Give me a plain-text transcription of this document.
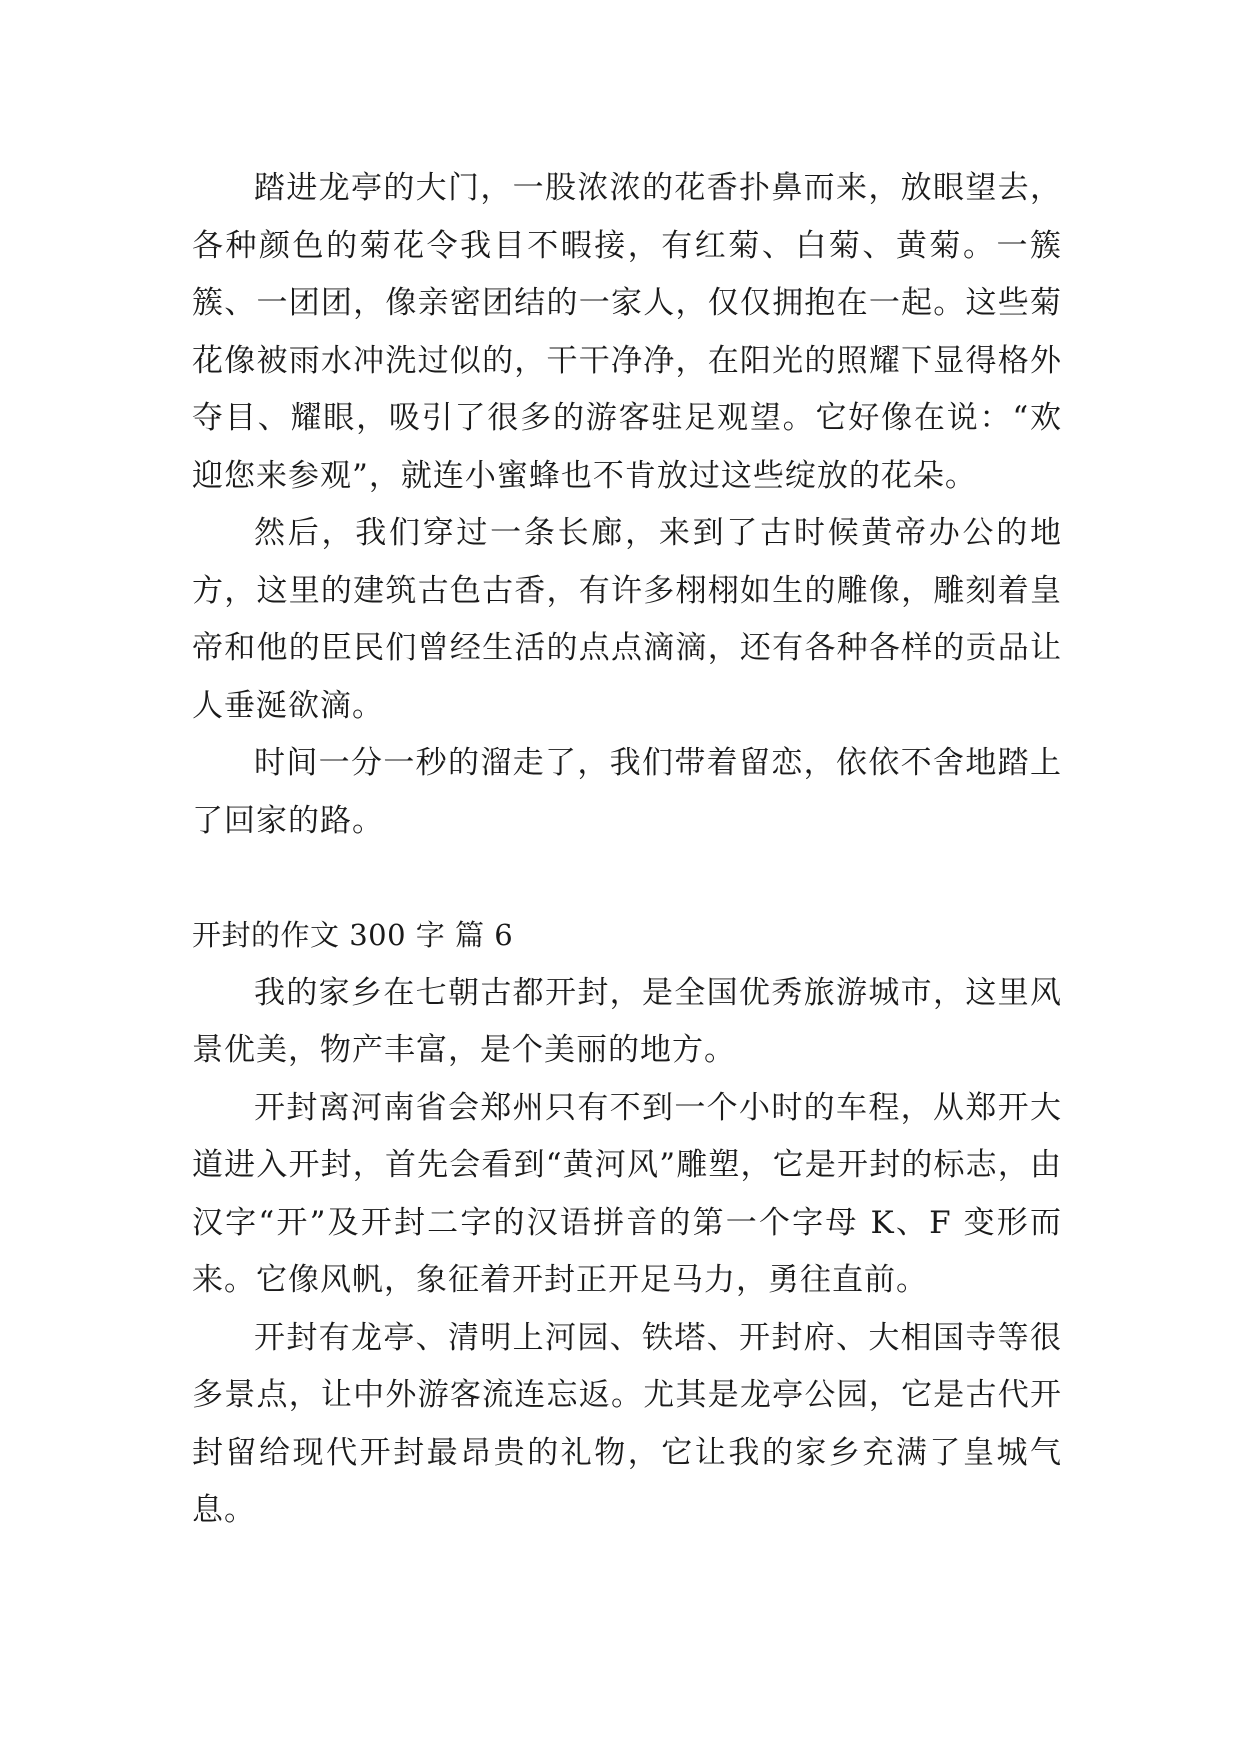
踏进龙亭的大门，一股浓浓的花香扑鼻而来，放眼望去，各种颜色的菊花令我目不暇接，有红菊、白菊、黄菊。一簇簇、一团团，像亲密团结的一家人，仅仅拥抱在一起。这些菊花像被雨水冲洗过似的，干干净净，在阳光的照耀下显得格外夺目、耀眼，吸引了很多的游客驻足观望。它好像在说：“欢迎您来参观”，就连小蜜蜂也不肯放过这些绽放的花朵。

然后，我们穿过一条长廊，来到了古时候黄帝办公的地方，这里的建筑古色古香，有许多栩栩如生的雕像，雕刻着皇帝和他的臣民们曾经生活的点点滴滴，还有各种各样的贡品让人垂涎欲滴。

时间一分一秒的溜走了，我们带着留恋，依依不舍地踏上了回家的路。

开封的作文 300 字 篇 6

我的家乡在七朝古都开封，是全国优秀旅游城市，这里风景优美，物产丰富，是个美丽的地方。

开封离河南省会郑州只有不到一个小时的车程，从郑开大道进入开封，首先会看到“黄河风”雕塑，它是开封的标志，由汉字“开”及开封二字的汉语拼音的第一个字母 K、F 变形而来。它像风帆，象征着开封正开足马力，勇往直前。

开封有龙亭、清明上河园、铁塔、开封府、大相国寺等很多景点，让中外游客流连忘返。尤其是龙亭公园，它是古代开封留给现代开封最昂贵的礼物，它让我的家乡充满了皇城气息。
